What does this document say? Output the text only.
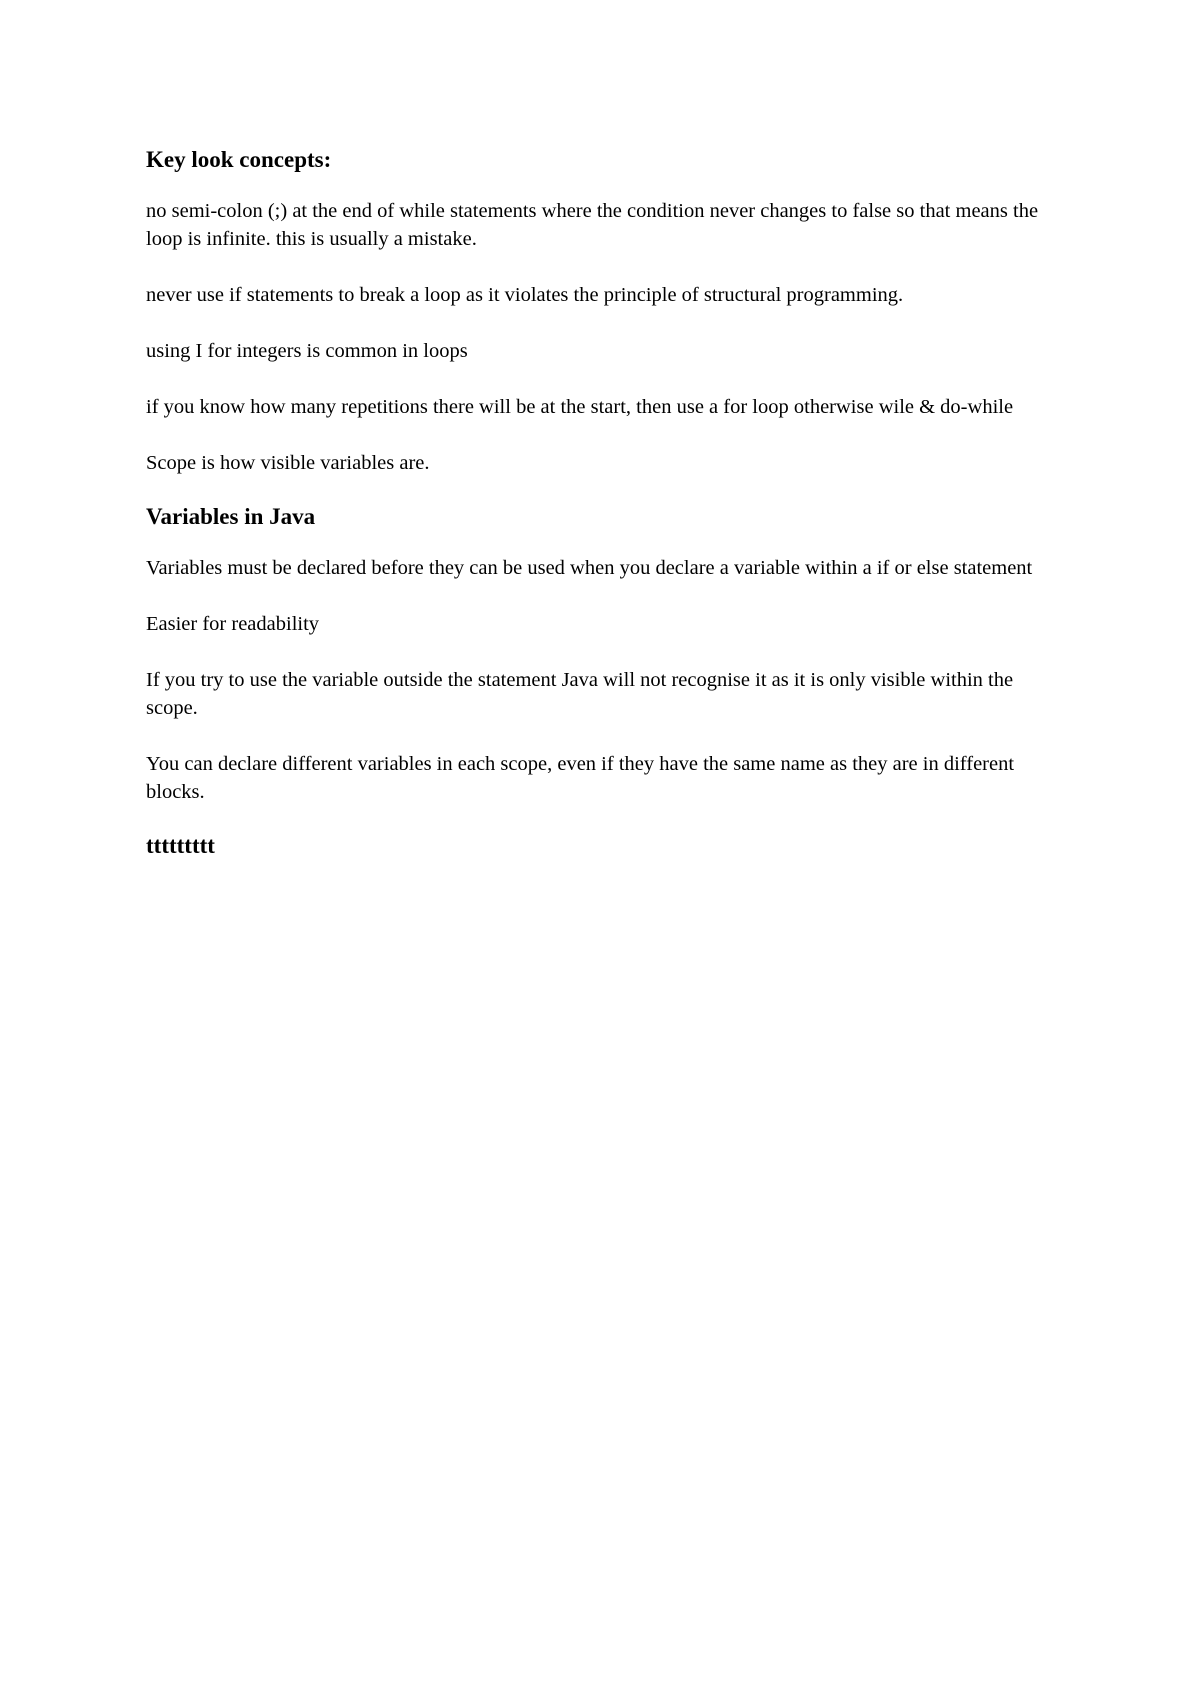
Key look concepts:

no semi-colon (;) at the end of while statements where the condition never changes to false so that means the loop is infinite. this is usually a mistake.

never use if statements to break a loop as it violates the principle of structural programming.

using I for integers is common in loops

if you know how many repetitions there will be at the start, then use a for loop otherwise wile & do-while

Scope is how visible variables are.

Variables in Java

Variables must be declared before they can be used when you declare a variable within a if or else statement

Easier for readability

If you try to use the variable outside the statement Java will not recognise it as it is only visible within the scope.

You can declare different variables in each scope, even if they have the same name as they are in different blocks.

ttttttttt
